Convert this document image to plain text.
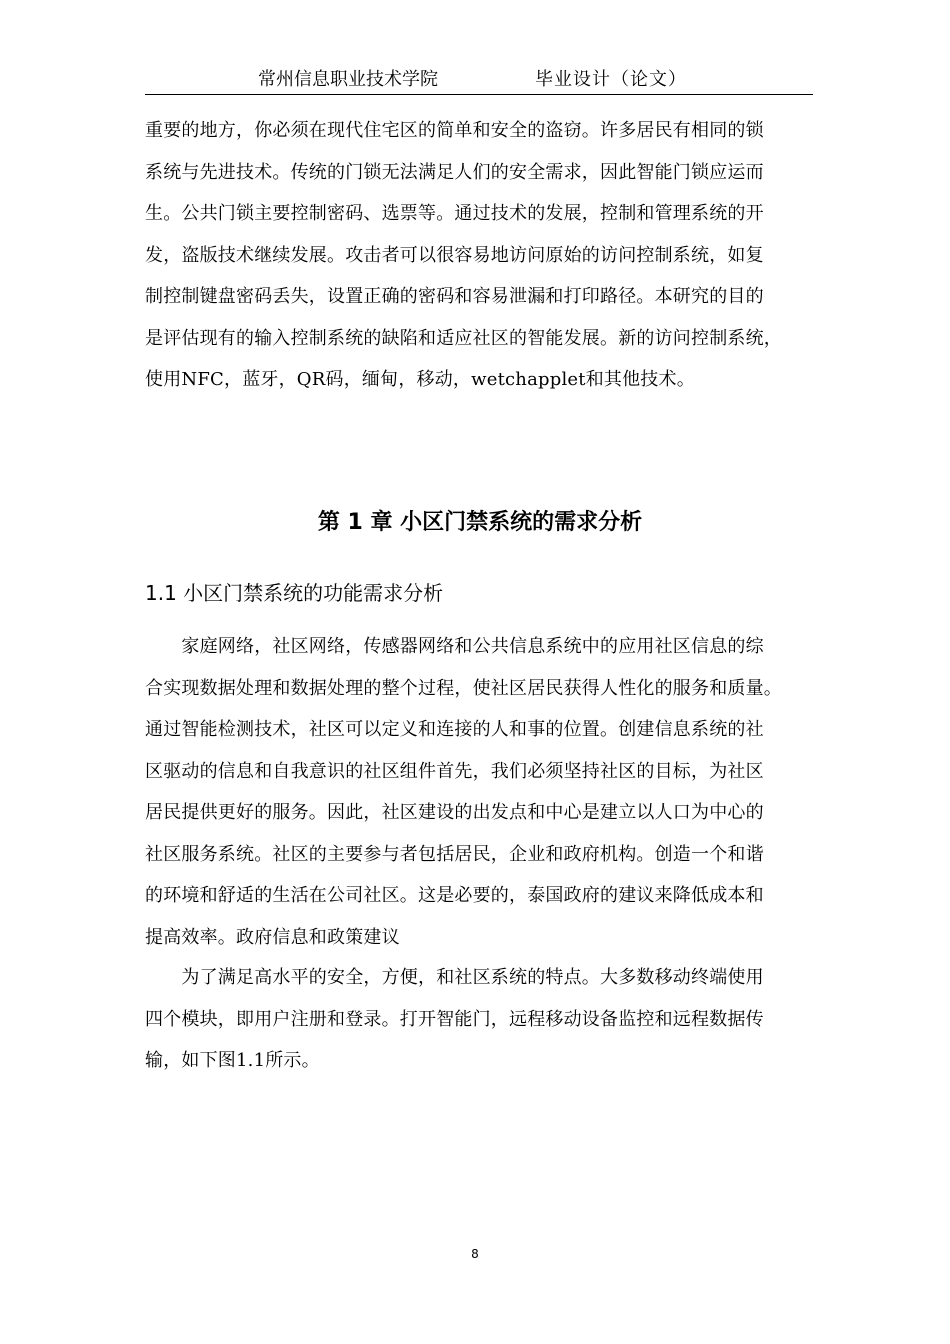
常州信息职业技术学院	毕业设计（论文）
重要的地方，你必须在现代住宅区的简单和安全的盗窃。许多居民有相同的锁
系统与先进技术。传统的门锁无法满足人们的安全需求，因此智能门锁应运而
生。公共门锁主要控制密码、选票等。通过技术的发展，控制和管理系统的开
发，盗版技术继续发展。攻击者可以很容易地访问原始的访问控制系统，如复
制控制键盘密码丢失，设置正确的密码和容易泄漏和打印路径。本研究的目的
是评估现有的输入控制系统的缺陷和适应社区的智能发展。新的访问控制系统，
使用NFC，蓝牙，QR码，缅甸，移动，wetchapplet和其他技术。
第 1 章 小区门禁系统的需求分析
1.1 小区门禁系统的功能需求分析
　　家庭网络，社区网络，传感器网络和公共信息系统中的应用社区信息的综
合实现数据处理和数据处理的整个过程，使社区居民获得人性化的服务和质量。
通过智能检测技术，社区可以定义和连接的人和事的位置。创建信息系统的社
区驱动的信息和自我意识的社区组件首先，我们必须坚持社区的目标，为社区
居民提供更好的服务。因此，社区建设的出发点和中心是建立以人口为中心的
社区服务系统。社区的主要参与者包括居民，企业和政府机构。创造一个和谐
的环境和舒适的生活在公司社区。这是必要的，泰国政府的建议来降低成本和
提高效率。政府信息和政策建议
　　为了满足高水平的安全，方便，和社区系统的特点。大多数移动终端使用
四个模块，即用户注册和登录。打开智能门，远程移动设备监控和远程数据传
输，如下图1.1所示。
8
